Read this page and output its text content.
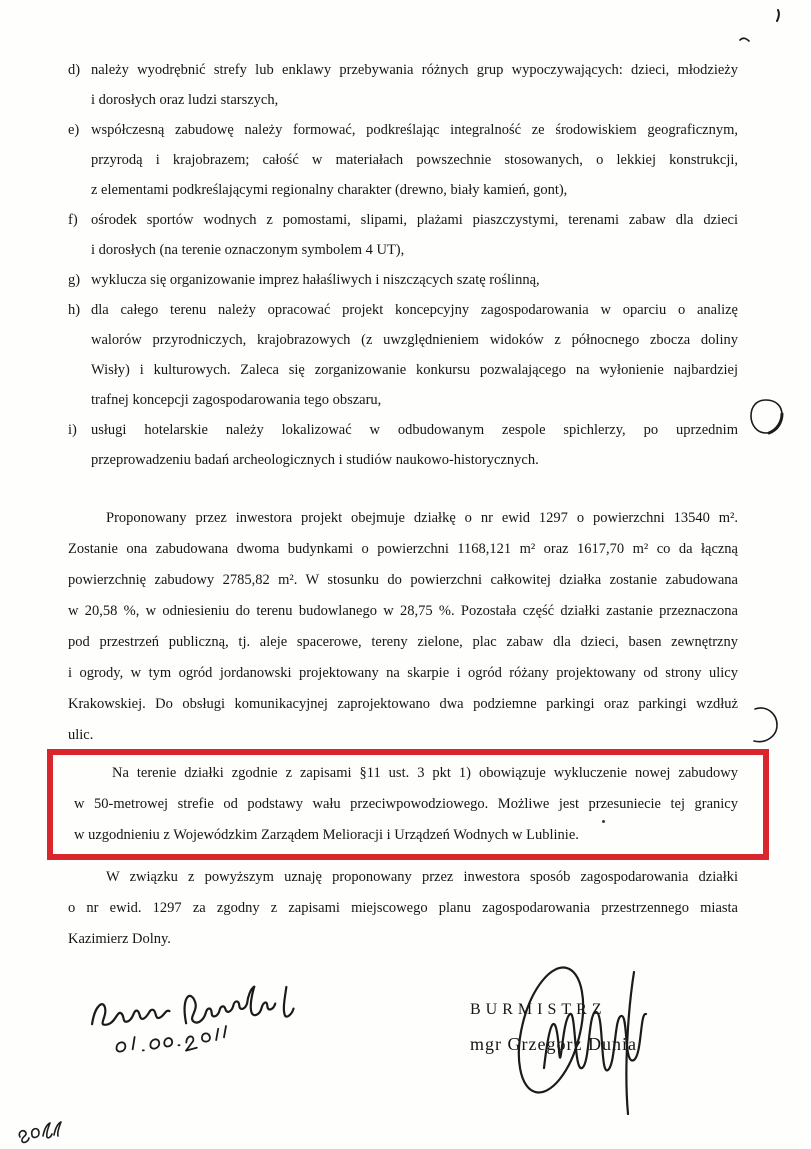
d) należy wyodrębnić strefy lub enklawy przebywania różnych grup wypoczywających: dzieci, młodzieży
i dorosłych oraz ludzi starszych,
e) współczesną zabudowę należy formować, podkreślając integralność ze środowiskiem geograficznym,
przyrodą i krajobrazem; całość w materiałach powszechnie stosowanych, o lekkiej konstrukcji,
z elementami podkreślającymi regionalny charakter (drewno, biały kamień, gont),
f) ośrodek sportów wodnych z pomostami, slipami, plażami piaszczystymi, terenami zabaw dla dzieci
i dorosłych (na terenie oznaczonym symbolem 4 UT),
g) wyklucza się organizowanie imprez hałaśliwych i niszczących szatę roślinną,
h) dla całego terenu należy opracować projekt koncepcyjny zagospodarowania w oparciu o analizę
walorów przyrodniczych, krajobrazowych (z uwzględnieniem widoków z północnego zbocza doliny
Wisły) i kulturowych. Zaleca się zorganizowanie konkursu pozwalającego na wyłonienie najbardziej
trafnej koncepcji zagospodarowania tego obszaru,
i) usługi hotelarskie należy lokalizować w odbudowanym zespole spichlerzy, po uprzednim
przeprowadzeniu badań archeologicznych i studiów naukowo-historycznych.
Proponowany przez inwestora projekt obejmuje działkę o nr ewid 1297 o powierzchni 13540 m².
Zostanie ona zabudowana dwoma budynkami o powierzchni 1168,121 m² oraz 1617,70 m² co da łączną
powierzchnię zabudowy 2785,82 m². W stosunku do powierzchni całkowitej działka zostanie zabudowana
w 20,58 %, w odniesieniu do terenu budowlanego w 28,75 %. Pozostała część działki zastanie przeznaczona
pod przestrzeń publiczną, tj. aleje spacerowe, tereny zielone, plac zabaw dla dzieci, basen zewnętrzny
i ogrody, w tym ogród jordanowski projektowany na skarpie i ogród różany projektowany od strony ulicy
Krakowskiej. Do obsługi komunikacyjnej zaprojektowano dwa podziemne parkingi oraz parkingi wzdłuż
ulic.
Na terenie działki zgodnie z zapisami §11 ust. 3 pkt 1) obowiązuje wykluczenie nowej zabudowy
w 50-metrowej strefie od podstawy wału przeciwpowodziowego. Możliwe jest przesuniecie tej granicy
w uzgodnieniu z Wojewódzkim Zarządem Melioracji i Urządzeń Wodnych w Lublinie.
W związku z powyższym uznaję proponowany przez inwestora sposób zagospodarowania działki
o nr ewid. 1297 za zgodny z zapisami miejscowego planu zagospodarowania przestrzennego miasta
Kazimierz Dolny.
BURMISTRZ
mgr Grzegorz Dunia
